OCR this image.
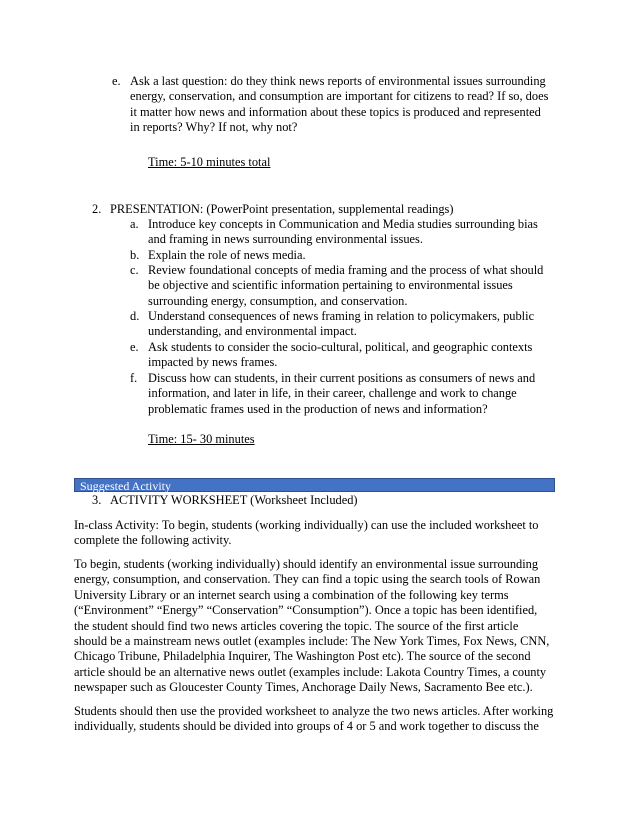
e. Ask a last question: do they think news reports of environmental issues surrounding energy, conservation, and consumption are important for citizens to read? If so, does it matter how news and information about these topics is produced and represented in reports? Why? If not, why not?
Time: 5-10 minutes total
2. PRESENTATION: (PowerPoint presentation, supplemental readings)
a. Introduce key concepts in Communication and Media studies surrounding bias and framing in news surrounding environmental issues.
b. Explain the role of news media.
c. Review foundational concepts of media framing and the process of what should be objective and scientific information pertaining to environmental issues surrounding energy, consumption, and conservation.
d. Understand consequences of news framing in relation to policymakers, public understanding, and environmental impact.
e. Ask students to consider the socio-cultural, political, and geographic contexts impacted by news frames.
f. Discuss how can students, in their current positions as consumers of news and information, and later in life, in their career, challenge and work to change problematic frames used in the production of news and information?
Time: 15- 30 minutes
Suggested Activity
3. ACTIVITY WORKSHEET (Worksheet Included)
In-class Activity: To begin, students (working individually) can use the included worksheet to complete the following activity.
To begin, students (working individually) should identify an environmental issue surrounding energy, consumption, and conservation. They can find a topic using the search tools of Rowan University Library or an internet search using a combination of the following key terms (“Environment” “Energy” “Conservation” “Consumption”). Once a topic has been identified, the student should find two news articles covering the topic. The source of the first article should be a mainstream news outlet (examples include: The New York Times, Fox News, CNN, Chicago Tribune, Philadelphia Inquirer, The Washington Post etc). The source of the second article should be an alternative news outlet (examples include: Lakota Country Times, a county newspaper such as Gloucester County Times, Anchorage Daily News, Sacramento Bee etc.).
Students should then use the provided worksheet to analyze the two news articles. After working individually, students should be divided into groups of 4 or 5 and work together to discuss the
